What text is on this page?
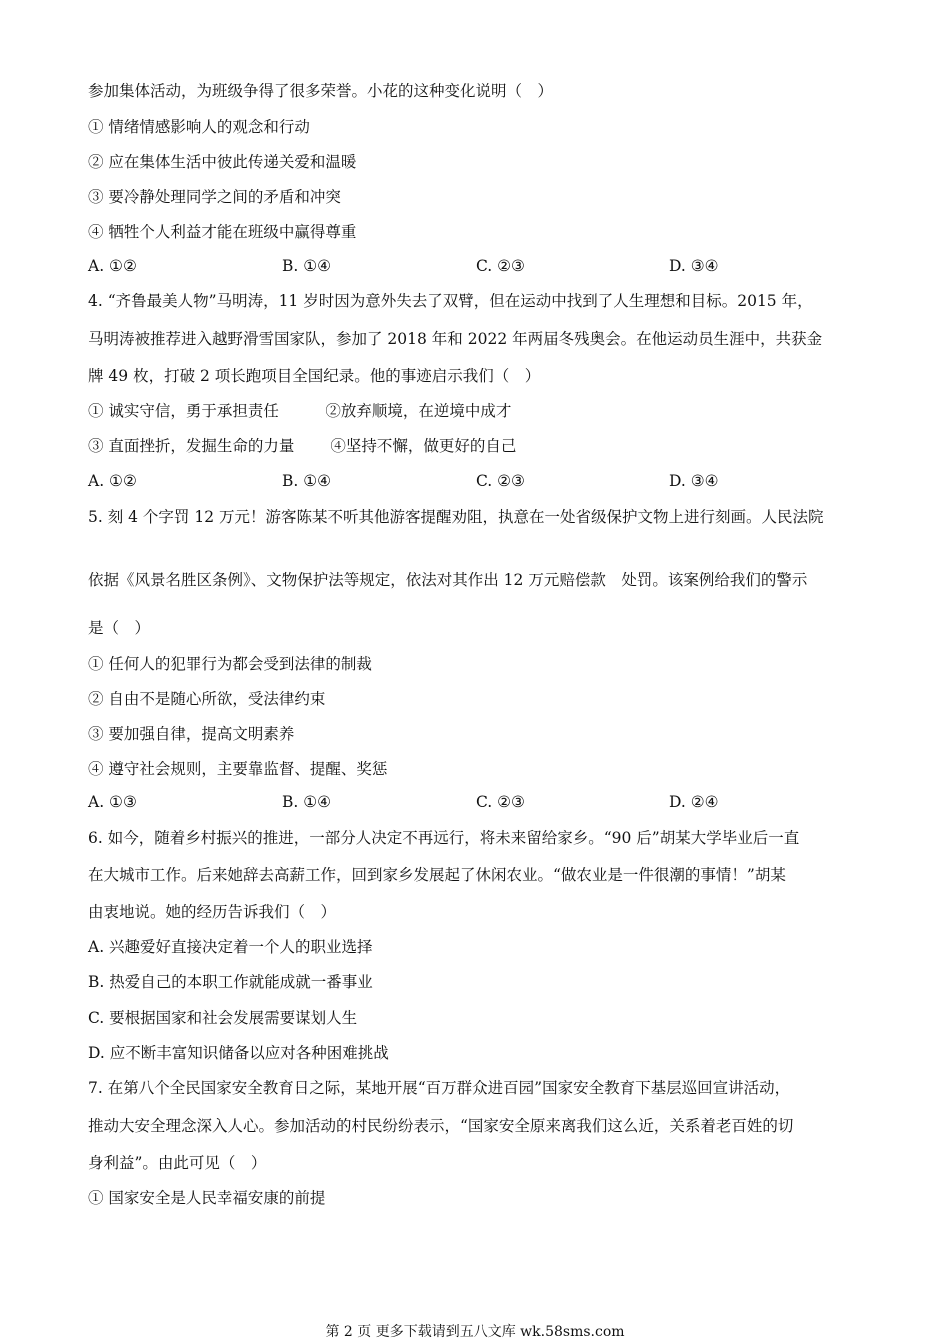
参加集体活动，为班级争得了很多荣誉。小花的这种变化说明（　）
① 情绪情感影响人的观念和行动
② 应在集体生活中彼此传递关爱和温暖
③ 要冷静处理同学之间的矛盾和冲突
④ 牺牲个人利益才能在班级中赢得尊重
A. ①②	B. ①④	C. ②③	D. ③④
4. “齐鲁最美人物”马明涛，11 岁时因为意外失去了双臂，但在运动中找到了人生理想和目标。2015 年，
马明涛被推荐进入越野滑雪国家队，参加了 2018 年和 2022 年两届冬残奥会。在他运动员生涯中，共获金
牌 49 枚，打破 2 项长跑项目全国纪录。他的事迹启示我们（　）
① 诚实守信，勇于承担责任　　　②放弃顺境，在逆境中成才
③ 直面挫折，发掘生命的力量　　 ④坚持不懈，做更好的自己
A. ①②	B. ①④	C. ②③	D. ③④
5. 刻 4 个字罚 12 万元！游客陈某不听其他游客提醒劝阻，执意在一处省级保护文物上进行刻画。人民法院
依据《风景名胜区条例》、文物保护法等规定，依法对其作出 12 万元赔偿款　处罚。该案例给我们的警示
是（　）
① 任何人的犯罪行为都会受到法律的制裁
② 自由不是随心所欲，受法律约束
③ 要加强自律，提高文明素养
④ 遵守社会规则，主要靠监督、提醒、奖惩
A. ①③	B. ①④	C. ②③	D. ②④
6. 如今，随着乡村振兴的推进，一部分人决定不再远行，将未来留给家乡。“90 后”胡某大学毕业后一直
在大城市工作。后来她辞去高薪工作，回到家乡发展起了休闲农业。“做农业是一件很潮的事情！”胡某
由衷地说。她的经历告诉我们（　）
A. 兴趣爱好直接决定着一个人的职业选择
B. 热爱自己的本职工作就能成就一番事业
C. 要根据国家和社会发展需要谋划人生
D. 应不断丰富知识储备以应对各种困难挑战
7. 在第八个全民国家安全教育日之际，某地开展“百万群众进百园”国家安全教育下基层巡回宣讲活动，
推动大安全理念深入人心。参加活动的村民纷纷表示，“国家安全原来离我们这么近，关系着老百姓的切
身利益”。由此可见（　）
① 国家安全是人民幸福安康的前提
第 2 页 更多下载请到五八文库 wk.58sms.com
